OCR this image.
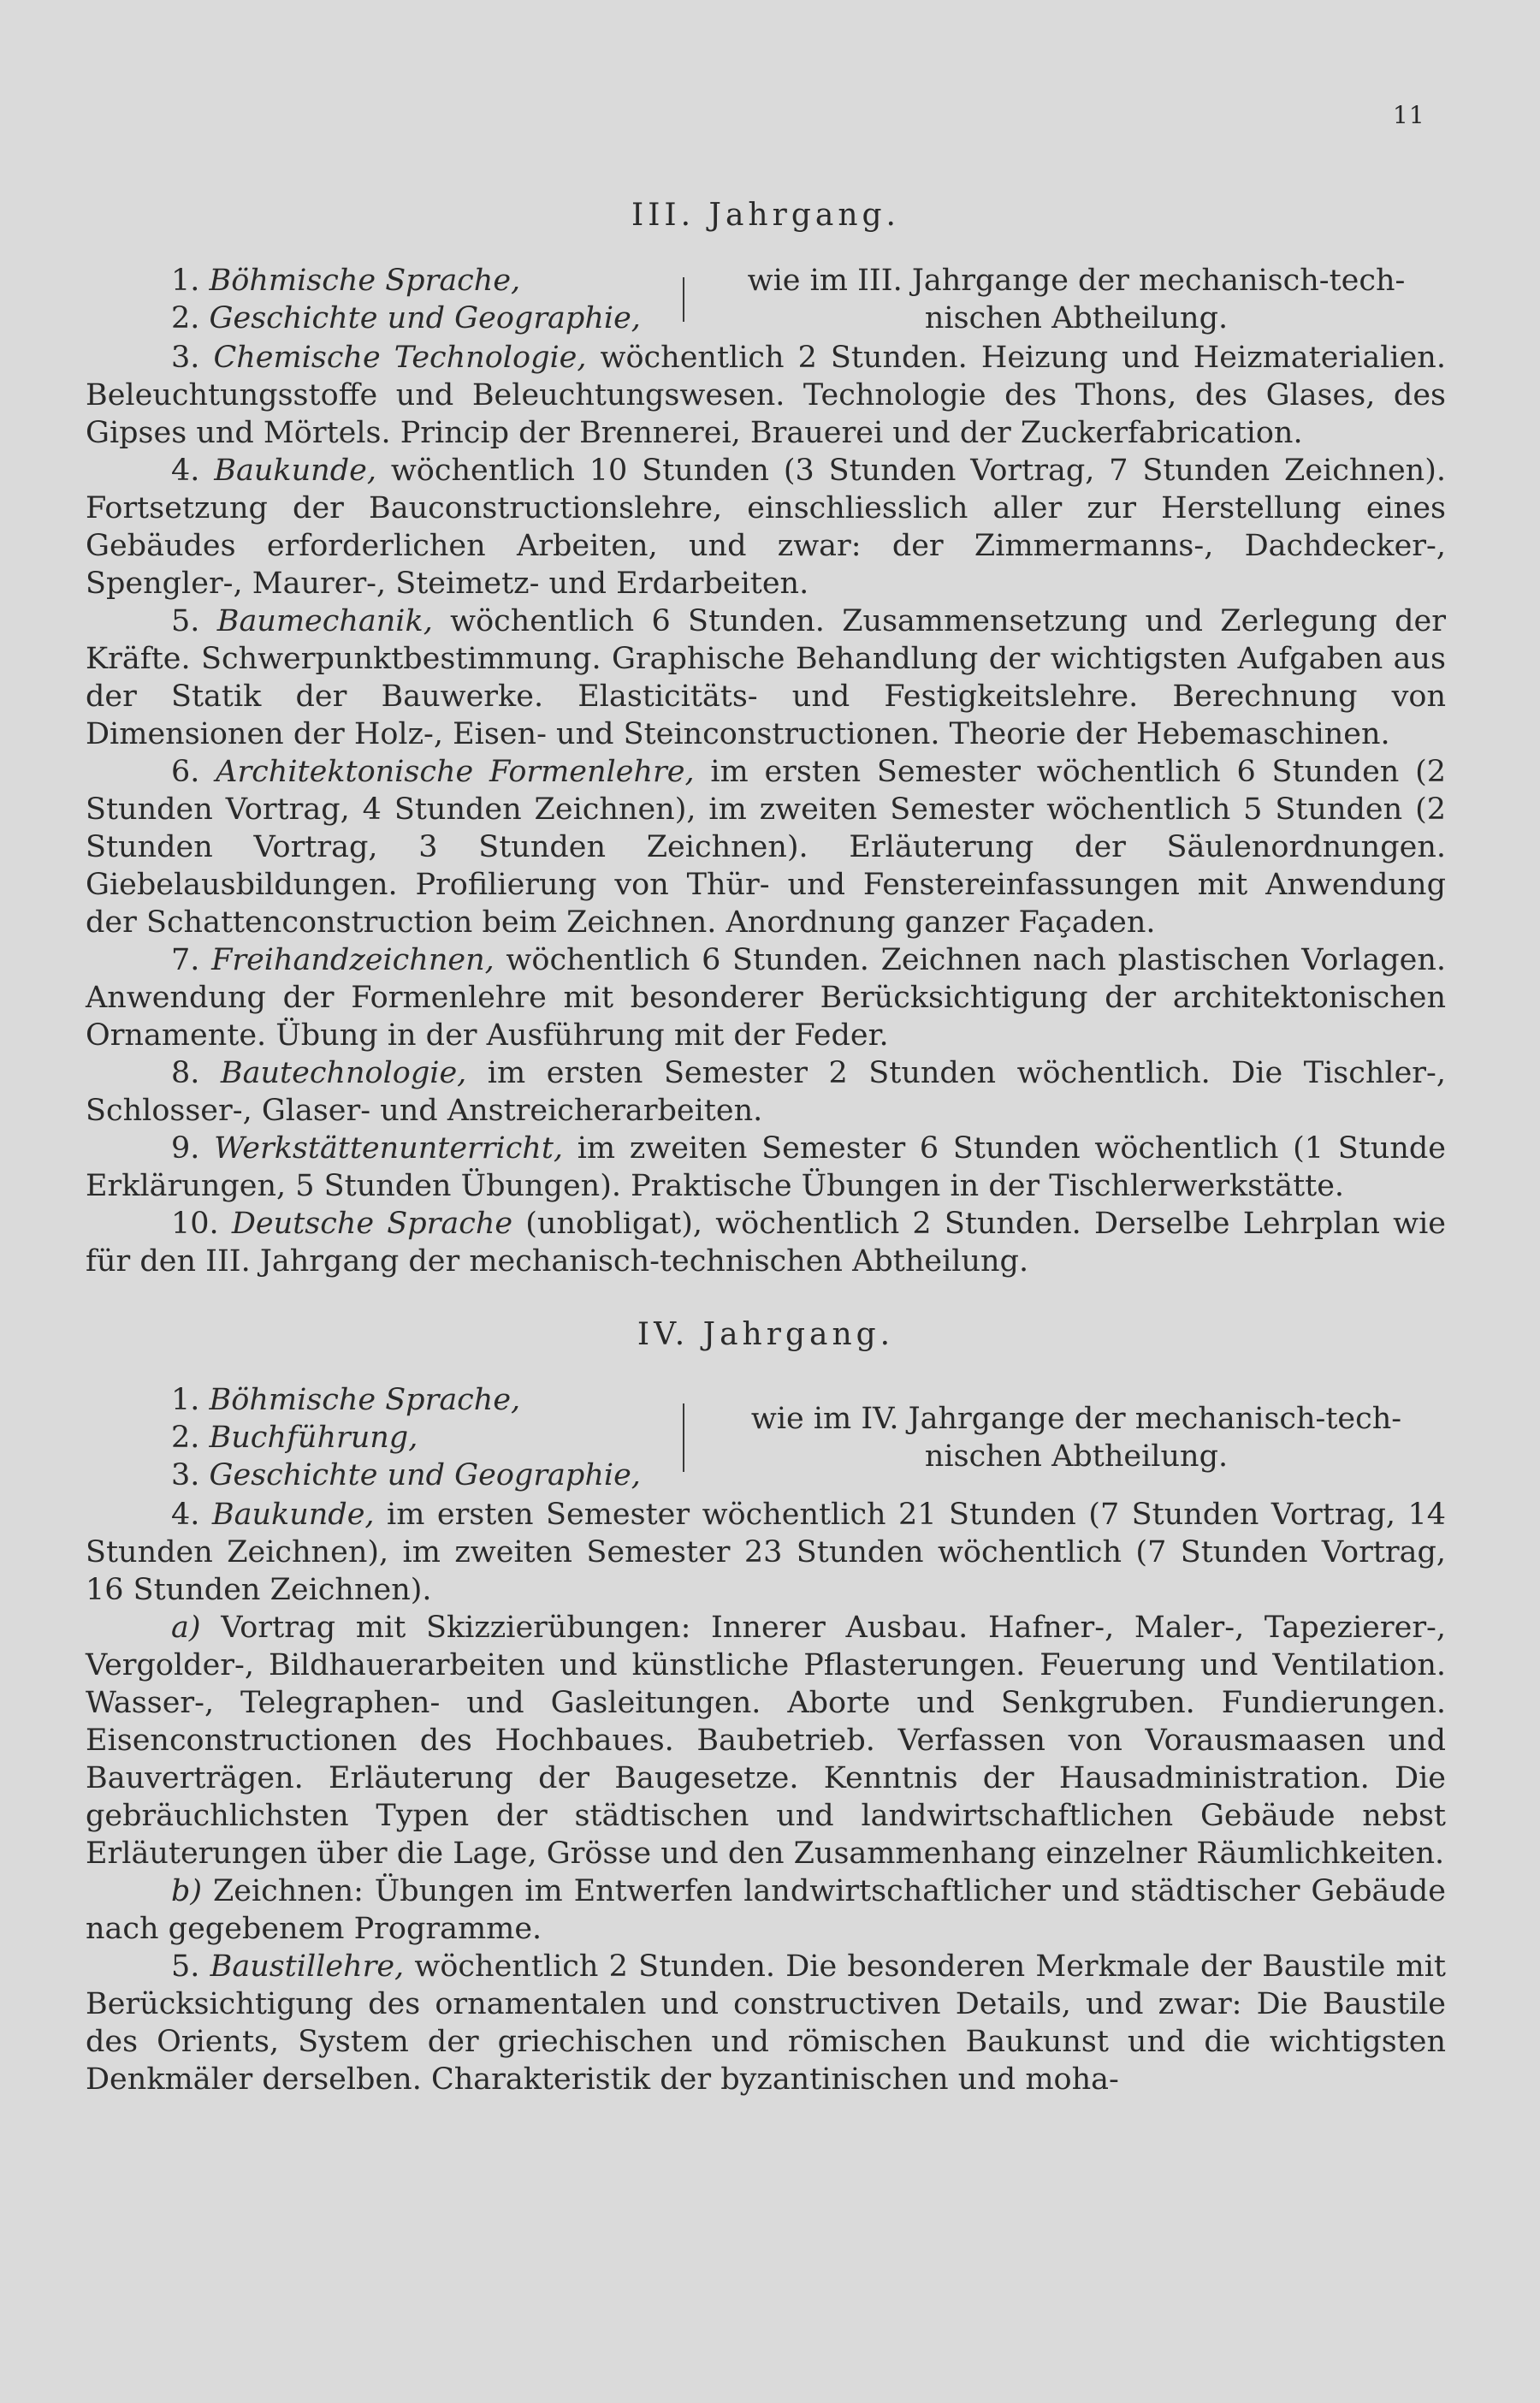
11
III. Jahrgang.
1. Böhmische Sprache,
2. Geschichte und Geographie,
wie im III. Jahrgange der mechanisch-tech-
nischen Abtheilung.

3. Chemische Technologie, wöchentlich 2 Stunden. Heizung und Heizmaterialien. Beleuchtungsstoffe und Beleuchtungswesen. Technologie des Thons, des Glases, des Gipses und Mörtels. Princip der Brennerei, Brauerei und der Zuckerfabrication.

4. Baukunde, wöchentlich 10 Stunden (3 Stunden Vortrag, 7 Stunden Zeichnen). Fortsetzung der Bauconstructionslehre, einschliesslich aller zur Herstellung eines Gebäudes erforderlichen Arbeiten, und zwar: der Zimmermanns-, Dachdecker-, Spengler-, Maurer-, Steimetz- und Erdarbeiten.

5. Baumechanik, wöchentlich 6 Stunden. Zusammensetzung und Zerlegung der Kräfte. Schwerpunktbestimmung. Graphische Behandlung der wichtigsten Aufgaben aus der Statik der Bauwerke. Elasticitäts- und Festigkeitslehre. Berechnung von Dimensionen der Holz-, Eisen- und Steinconstructionen. Theorie der Hebemaschinen.

6. Architektonische Formenlehre, im ersten Semester wöchentlich 6 Stunden (2 Stunden Vortrag, 4 Stunden Zeichnen), im zweiten Semester wöchentlich 5 Stunden (2 Stunden Vortrag, 3 Stunden Zeichnen). Erläuterung der Säulenordnungen. Giebelausbildungen. Profilierung von Thür- und Fenstereinfassungen mit Anwendung der Schattenconstruction beim Zeichnen. Anordnung ganzer Façaden.

7. Freihandzeichnen, wöchentlich 6 Stunden. Zeichnen nach plastischen Vorlagen. Anwendung der Formenlehre mit besonderer Berücksichtigung der architektonischen Ornamente. Übung in der Ausführung mit der Feder.

8. Bautechnologie, im ersten Semester 2 Stunden wöchentlich. Die Tischler-, Schlosser-, Glaser- und Anstreicherarbeiten.

9. Werkstättenunterricht, im zweiten Semester 6 Stunden wöchentlich (1 Stunde Erklärungen, 5 Stunden Übungen). Praktische Übungen in der Tischlerwerkstätte.

10. Deutsche Sprache (unobligat), wöchentlich 2 Stunden. Derselbe Lehrplan wie für den III. Jahrgang der mechanisch-technischen Abtheilung.

IV. Jahrgang.
1. Böhmische Sprache,
2. Buchführung,
3. Geschichte und Geographie,
wie im IV. Jahrgange der mechanisch-tech-
nischen Abtheilung.

4. Baukunde, im ersten Semester wöchentlich 21 Stunden (7 Stunden Vortrag, 14 Stunden Zeichnen), im zweiten Semester 23 Stunden wöchentlich (7 Stunden Vortrag, 16 Stunden Zeichnen).

a) Vortrag mit Skizzierübungen: Innerer Ausbau. Hafner-, Maler-, Tapezierer-, Vergolder-, Bildhauerarbeiten und künstliche Pflasterungen. Feuerung und Ventilation. Wasser-, Telegraphen- und Gasleitungen. Aborte und Senkgruben. Fundierungen. Eisenconstructionen des Hochbaues. Baubetrieb. Verfassen von Vorausmaasen und Bauverträgen. Erläuterung der Baugesetze. Kenntnis der Hausadministration. Die gebräuchlichsten Typen der städtischen und landwirtschaftlichen Gebäude nebst Erläuterungen über die Lage, Grösse und den Zusammenhang einzelner Räumlichkeiten.

b) Zeichnen: Übungen im Entwerfen landwirtschaftlicher und städtischer Gebäude nach gegebenem Programme.

5. Baustillehre, wöchentlich 2 Stunden. Die besonderen Merkmale der Baustile mit Berücksichtigung des ornamentalen und constructiven Details, und zwar: Die Baustile des Orients, System der griechischen und römischen Baukunst und die wichtigsten Denkmäler derselben. Charakteristik der byzantinischen und moha-
